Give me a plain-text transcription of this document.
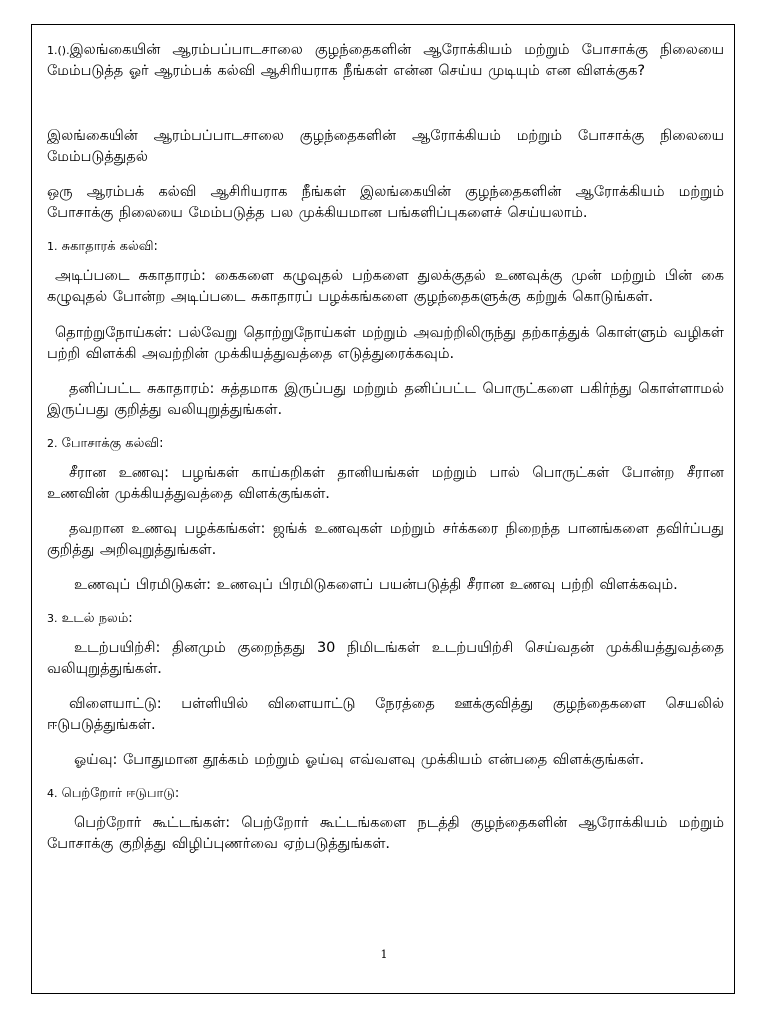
1.().இலங்கையின் ஆரம்பப்பாடசாலை குழந்தைகளின் ஆரோக்கியம் மற்றும் போசாக்கு நிலையை மேம்படுத்த ஓர் ஆரம்பக் கல்வி ஆசிரியராக நீங்கள் என்ன செய்ய முடியும் என விளக்குக?

இலங்கையின் ஆரம்பப்பாடசாலை குழந்தைகளின் ஆரோக்கியம் மற்றும் போசாக்கு நிலையை மேம்படுத்துதல்

ஒரு ஆரம்பக் கல்வி ஆசிரியராக நீங்கள் இலங்கையின் குழந்தைகளின் ஆரோக்கியம் மற்றும் போசாக்கு நிலையை மேம்படுத்த பல முக்கியமான பங்களிப்புகளைச் செய்யலாம்.

1. சுகாதாரக் கல்வி:

அடிப்படை சுகாதாரம்: கைகளை கழுவுதல் பற்களை துலக்குதல் உணவுக்கு முன் மற்றும் பின் கை கழுவுதல் போன்ற அடிப்படை சுகாதாரப் பழக்கங்களை குழந்தைகளுக்கு கற்றுக் கொடுங்கள்.

தொற்றுநோய்கள்: பல்வேறு தொற்றுநோய்கள் மற்றும் அவற்றிலிருந்து தற்காத்துக் கொள்ளும் வழிகள் பற்றி விளக்கி அவற்றின் முக்கியத்துவத்தை எடுத்துரைக்கவும்.

தனிப்பட்ட சுகாதாரம்: சுத்தமாக இருப்பது மற்றும் தனிப்பட்ட பொருட்களை பகிர்ந்து கொள்ளாமல் இருப்பது குறித்து வலியுறுத்துங்கள்.

2. போசாக்கு கல்வி:

சீரான உணவு: பழங்கள் காய்கறிகள் தானியங்கள் மற்றும் பால் பொருட்கள் போன்ற சீரான உணவின் முக்கியத்துவத்தை விளக்குங்கள்.

தவறான உணவு பழக்கங்கள்: ஜங்க் உணவுகள் மற்றும் சர்க்கரை நிறைந்த பானங்களை தவிர்ப்பது குறித்து அறிவுறுத்துங்கள்.

உணவுப் பிரமிடுகள்: உணவுப் பிரமிடுகளைப் பயன்படுத்தி சீரான உணவு பற்றி விளக்கவும்.

3. உடல் நலம்:

உடற்பயிற்சி: தினமும் குறைந்தது 30 நிமிடங்கள் உடற்பயிற்சி செய்வதன் முக்கியத்துவத்தை வலியுறுத்துங்கள்.

விளையாட்டு: பள்ளியில் விளையாட்டு நேரத்தை ஊக்குவித்து குழந்தைகளை செயலில் ஈடுபடுத்துங்கள்.

ஓய்வு: போதுமான தூக்கம் மற்றும் ஓய்வு எவ்வளவு முக்கியம் என்பதை விளக்குங்கள்.

4. பெற்றோர் ஈடுபாடு:

பெற்றோர் கூட்டங்கள்: பெற்றோர் கூட்டங்களை நடத்தி குழந்தைகளின் ஆரோக்கியம் மற்றும் போசாக்கு குறித்து விழிப்புணர்வை ஏற்படுத்துங்கள்.

1
